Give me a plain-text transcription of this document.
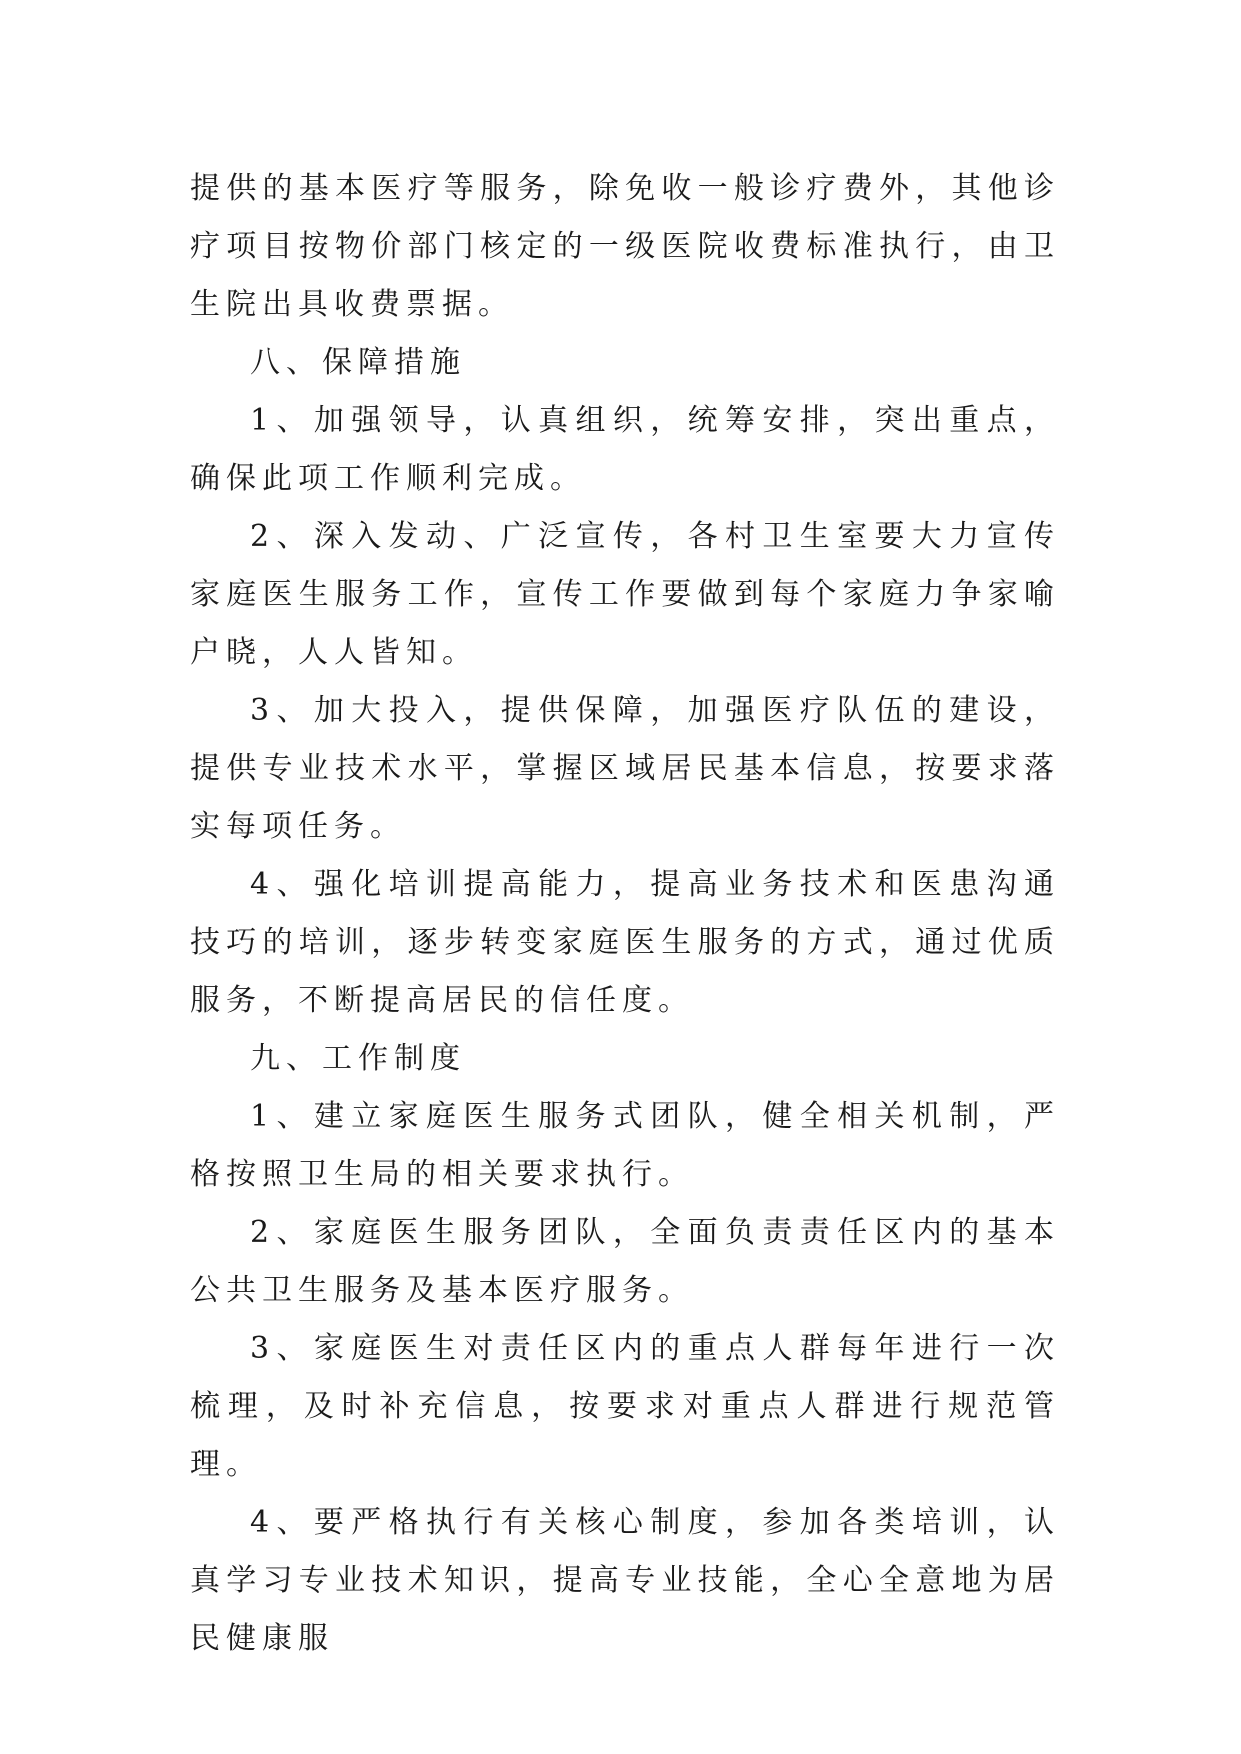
提供的基本医疗等服务，除免收一般诊疗费外，其他诊疗项目按物价部门核定的一级医院收费标准执行，由卫生院出具收费票据。

八、保障措施

1、加强领导，认真组织，统筹安排，突出重点，确保此项工作顺利完成。

2、深入发动、广泛宣传，各村卫生室要大力宣传家庭医生服务工作，宣传工作要做到每个家庭力争家喻户晓，人人皆知。

3、加大投入，提供保障，加强医疗队伍的建设，提供专业技术水平，掌握区域居民基本信息，按要求落实每项任务。

4、强化培训提高能力，提高业务技术和医患沟通技巧的培训，逐步转变家庭医生服务的方式，通过优质服务，不断提高居民的信任度。

九、工作制度

1、建立家庭医生服务式团队，健全相关机制，严格按照卫生局的相关要求执行。

2、家庭医生服务团队，全面负责责任区内的基本公共卫生服务及基本医疗服务。

3、家庭医生对责任区内的重点人群每年进行一次梳理，及时补充信息，按要求对重点人群进行规范管理。

4、要严格执行有关核心制度，参加各类培训，认真学习专业技术知识，提高专业技能，全心全意地为居民健康服
